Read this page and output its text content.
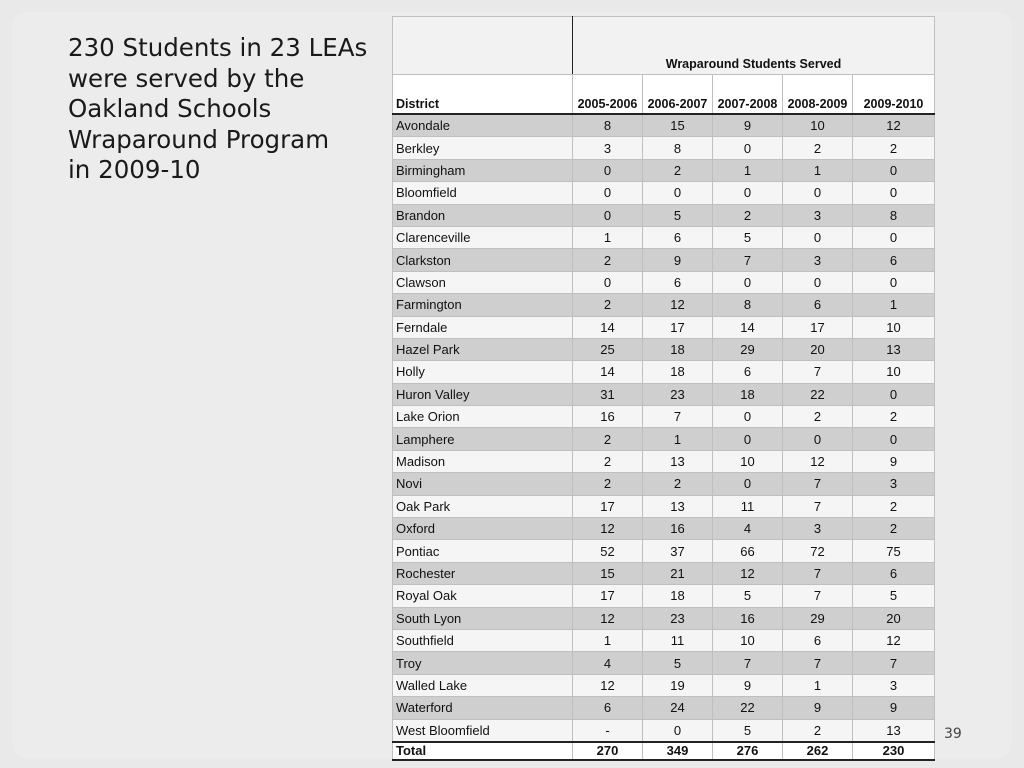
230 Students in 23 LEAs
were served by the
Oakland Schools
Wraparound Program
in 2009-10
	Wraparound Students Served				
District	2005-2006	2006-2007	2007-2008	2008-2009	2009-2010
Avondale	8	15	9	10	12
Berkley	3	8	0	2	2
Birmingham	0	2	1	1	0
Bloomfield	0	0	0	0	0
Brandon	0	5	2	3	8
Clarenceville	1	6	5	0	0
Clarkston	2	9	7	3	6
Clawson	0	6	0	0	0
Farmington	2	12	8	6	1
Ferndale	14	17	14	17	10
Hazel Park	25	18	29	20	13
Holly	14	18	6	7	10
Huron Valley	31	23	18	22	0
Lake Orion	16	7	0	2	2
Lamphere	2	1	0	0	0
Madison	2	13	10	12	9
Novi	2	2	0	7	3
Oak Park	17	13	11	7	2
Oxford	12	16	4	3	2
Pontiac	52	37	66	72	75
Rochester	15	21	12	7	6
Royal Oak	17	18	5	7	5
South Lyon	12	23	16	29	20
Southfield	1	11	10	6	12
Troy	4	5	7	7	7
Walled Lake	12	19	9	1	3
Waterford	6	24	22	9	9
West Bloomfield	-	0	5	2	13
Total	270	349	276	262	230
39
